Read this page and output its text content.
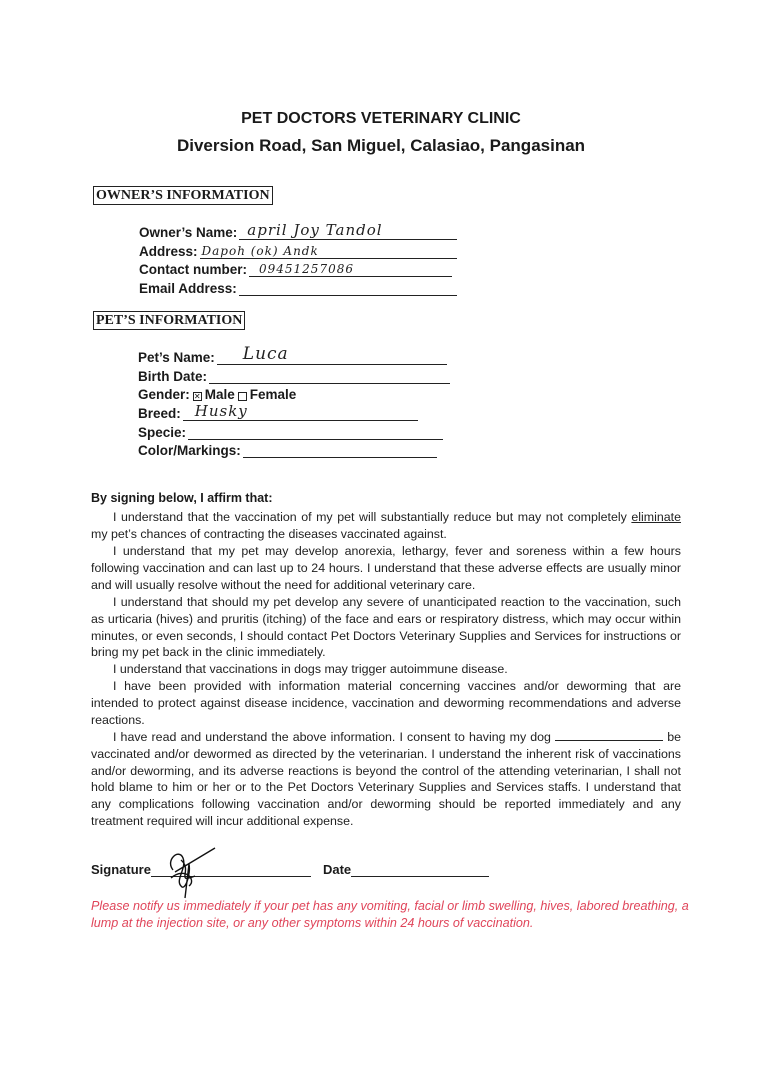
PET DOCTORS VETERINARY CLINIC
Diversion Road, San Miguel, Calasiao, Pangasinan
OWNER’S INFORMATION
Owner’s Name: april Joy Tandol
Address: Dapoh (ok) Andk
Contact number: 09451257086
Email Address:
PET’S INFORMATION
Pet’s Name: Luca
Birth Date:
Gender: ✕ Male Female
Breed: Husky
Specie:
Color/Markings:
By signing below, I affirm that:
I understand that the vaccination of my pet will substantially reduce but may not completely eliminate my pet’s chances of contracting the diseases vaccinated against.
I understand that my pet may develop anorexia, lethargy, fever and soreness within a few hours following vaccination and can last up to 24 hours. I understand that these adverse effects are usually minor and will usually resolve without the need for additional veterinary care.
I understand that should my pet develop any severe of unanticipated reaction to the vaccination, such as urticaria (hives) and pruritis (itching) of the face and ears or respiratory distress, which may occur within minutes, or even seconds, I should contact Pet Doctors Veterinary Supplies and Services for instructions or bring my pet back in the clinic immediately.
I understand that vaccinations in dogs may trigger autoimmune disease.
I have been provided with information material concerning vaccines and/or deworming that are intended to protect against disease incidence, vaccination and deworming recommendations and adverse reactions.
I have read and understand the above information. I consent to having my dog	be vaccinated and/or dewormed as directed by the veterinarian. I understand the inherent risk of vaccinations and/or deworming, and its adverse reactions is beyond the control of the attending veterinarian, I shall not hold blame to him or her or to the Pet Doctors Veterinary Supplies and Services staffs. I understand that any complications following vaccination and/or deworming should be reported immediately and any treatment required will incur additional expense.
Signature	Date
Please notify us immediately if your pet has any vomiting, facial or limb swelling, hives, labored breathing, a lump at the injection site, or any other symptoms within 24 hours of vaccination.
